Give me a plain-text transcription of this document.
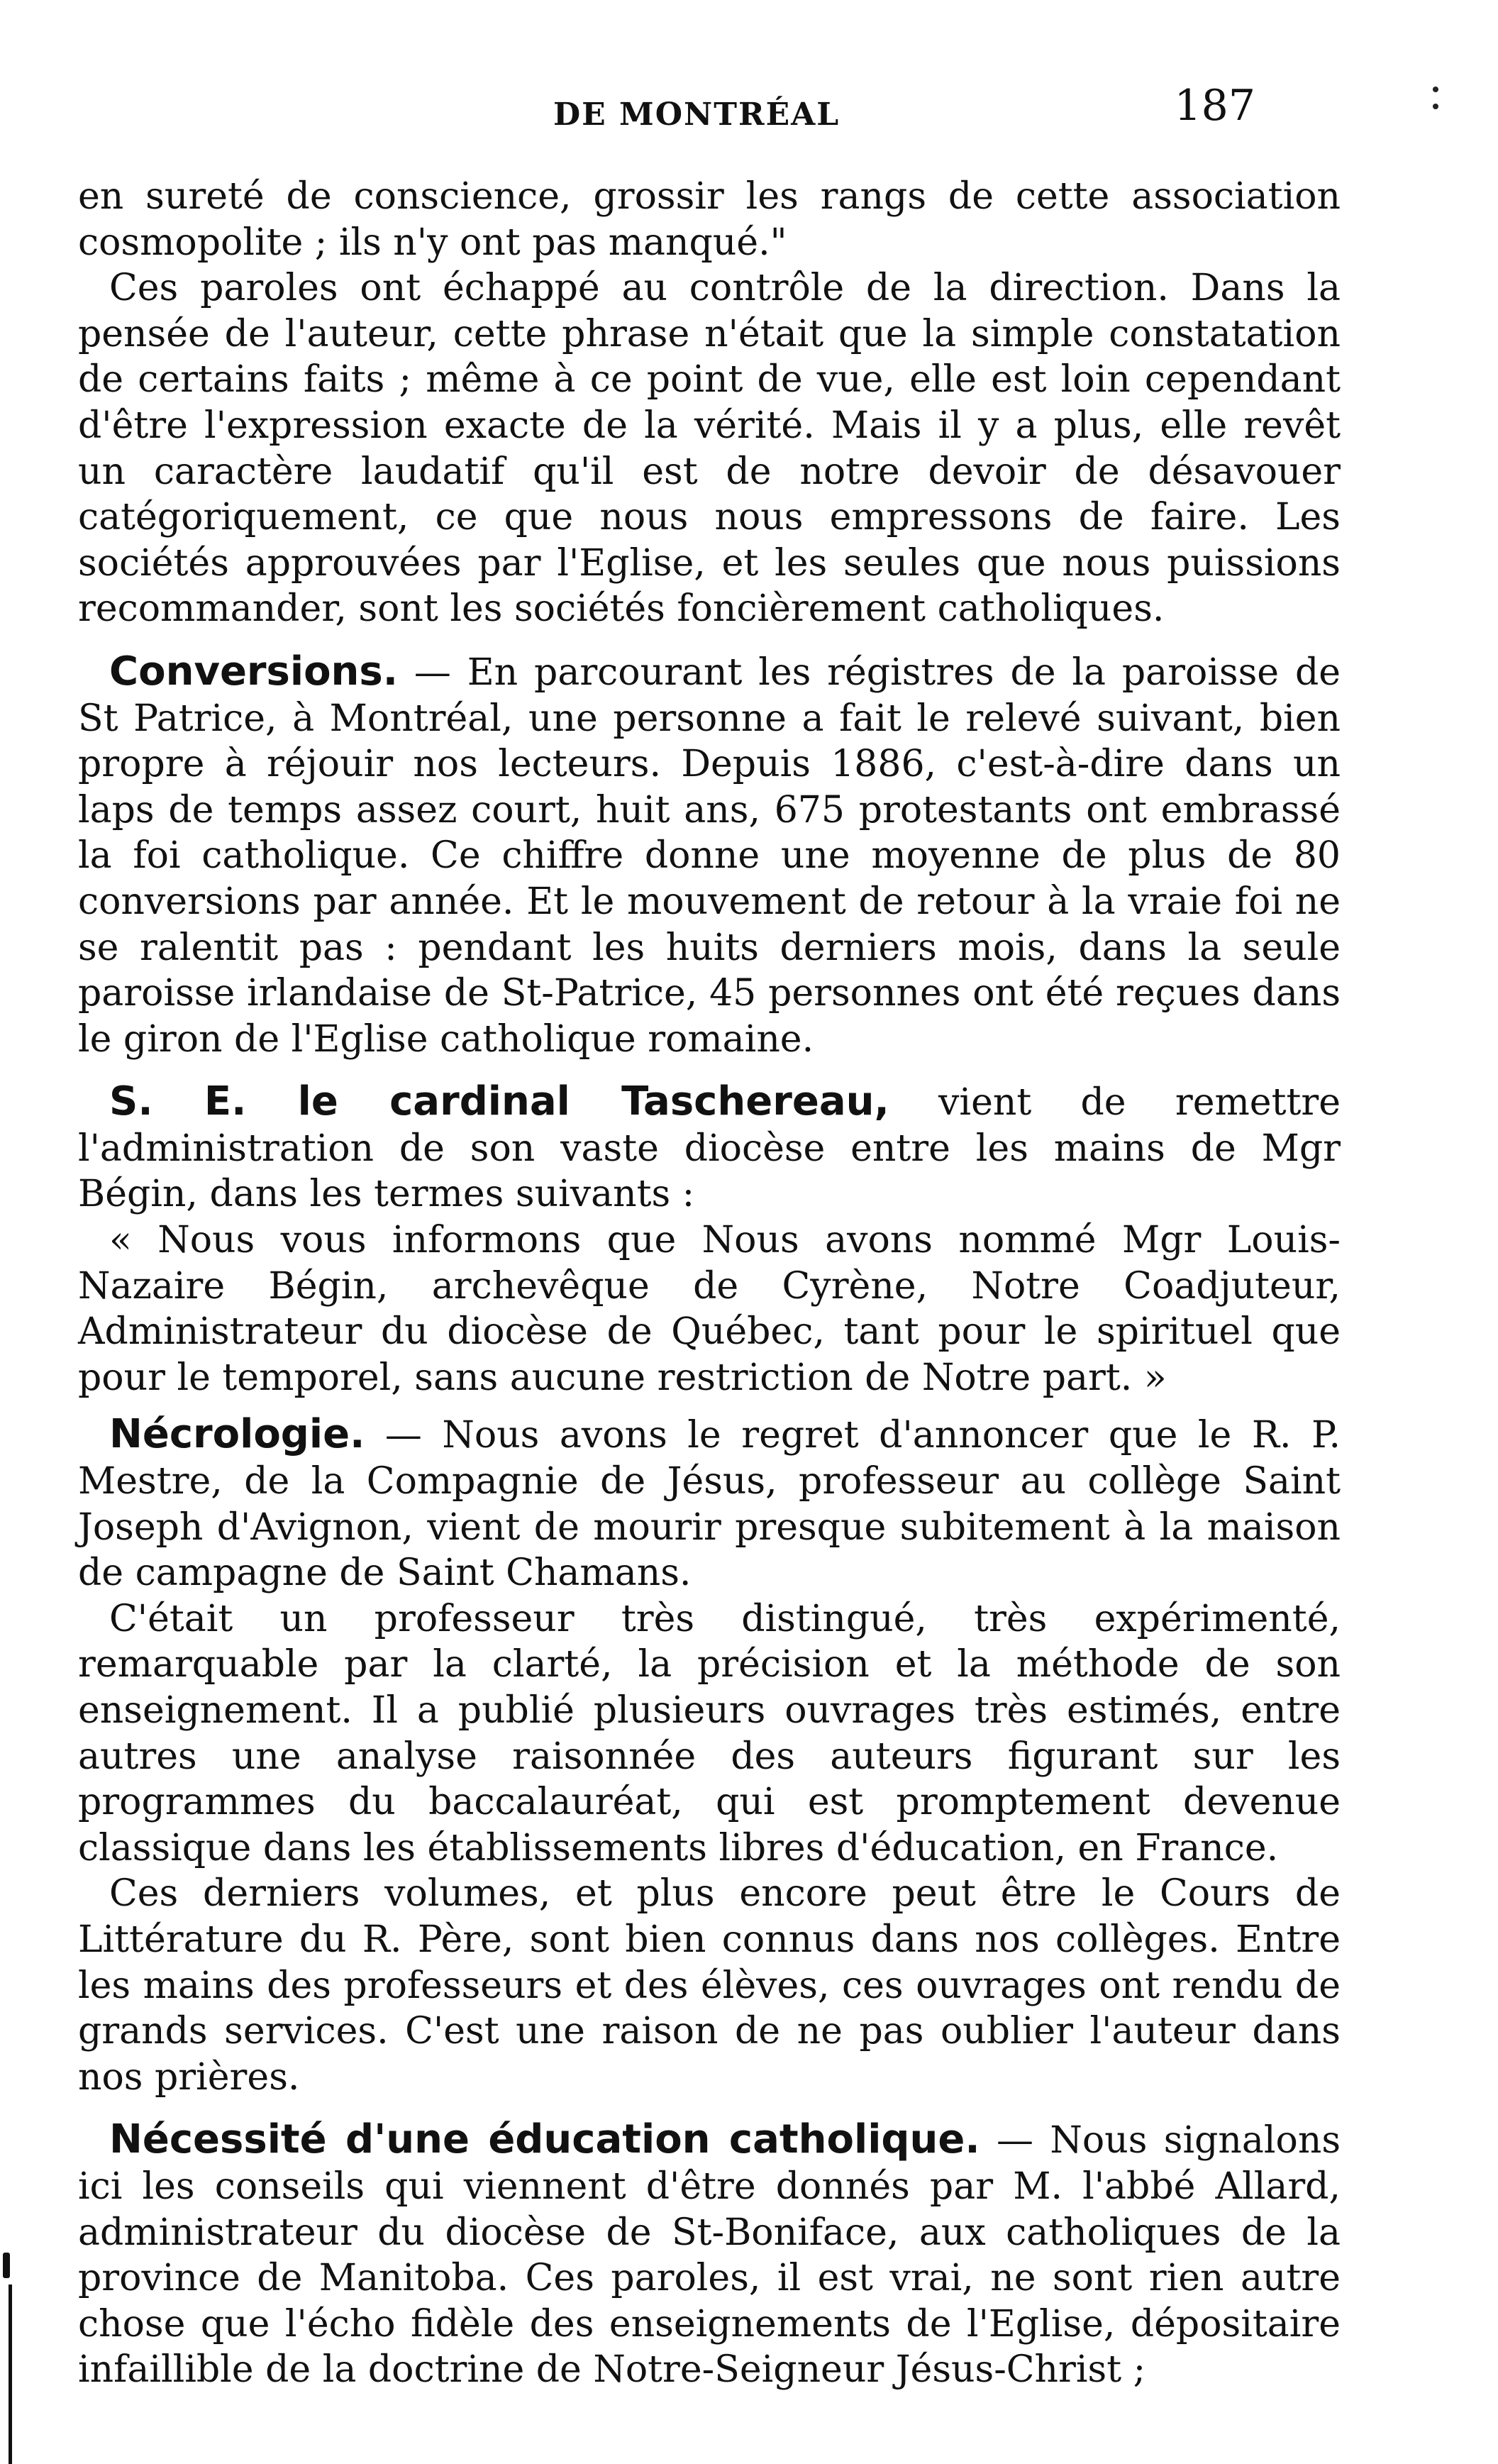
DE MONTRÉAL	187

en sureté de conscience, grossir les rangs de cette association cosmopolite ; ils n'y ont pas manqué."

Ces paroles ont échappé au contrôle de la direction. Dans la pensée de l'auteur, cette phrase n'était que la simple constatation de certains faits ; même à ce point de vue, elle est loin cependant d'être l'expression exacte de la vérité. Mais il y a plus, elle revêt un caractère laudatif qu'il est de notre devoir de désavouer catégoriquement, ce que nous nous empressons de faire. Les sociétés approuvées par l'Eglise, et les seules que nous puissions recommander, sont les sociétés foncièrement catholiques.

Conversions. — En parcourant les régistres de la paroisse de St Patrice, à Montréal, une personne a fait le relevé suivant, bien propre à réjouir nos lecteurs. Depuis 1886, c'est-à-dire dans un laps de temps assez court, huit ans, 675 protestants ont embrassé la foi catholique. Ce chiffre donne une moyenne de plus de 80 conversions par année. Et le mouvement de retour à la vraie foi ne se ralentit pas : pendant les huits derniers mois, dans la seule paroisse irlandaise de St-Patrice, 45 personnes ont été reçues dans le giron de l'Eglise catholique romaine.

S. E. le cardinal Taschereau, vient de remettre l'administration de son vaste diocèse entre les mains de Mgr Bégin, dans les termes suivants :

« Nous vous informons que Nous avons nommé Mgr Louis-Nazaire Bégin, archevêque de Cyrène, Notre Coadjuteur, Administrateur du diocèse de Québec, tant pour le spirituel que pour le temporel, sans aucune restriction de Notre part. »

Nécrologie. — Nous avons le regret d'annoncer que le R. P. Mestre, de la Compagnie de Jésus, professeur au collège Saint Joseph d'Avignon, vient de mourir presque subitement à la maison de campagne de Saint Chamans.

C'était un professeur très distingué, très expérimenté, remarquable par la clarté, la précision et la méthode de son enseignement. Il a publié plusieurs ouvrages très estimés, entre autres une analyse raisonnée des auteurs figurant sur les programmes du baccalauréat, qui est promptement devenue classique dans les établissements libres d'éducation, en France.

Ces derniers volumes, et plus encore peut être le Cours de Littérature du R. Père, sont bien connus dans nos collèges. Entre les mains des professeurs et des élèves, ces ouvrages ont rendu de grands services. C'est une raison de ne pas oublier l'auteur dans nos prières.

Nécessité d'une éducation catholique. — Nous signalons ici les conseils qui viennent d'être donnés par M. l'abbé Allard, administrateur du diocèse de St-Boniface, aux catholiques de la province de Manitoba. Ces paroles, il est vrai, ne sont rien autre chose que l'écho fidèle des enseignements de l'Eglise, dépositaire infaillible de la doctrine de Notre-Seigneur Jésus-Christ ;
